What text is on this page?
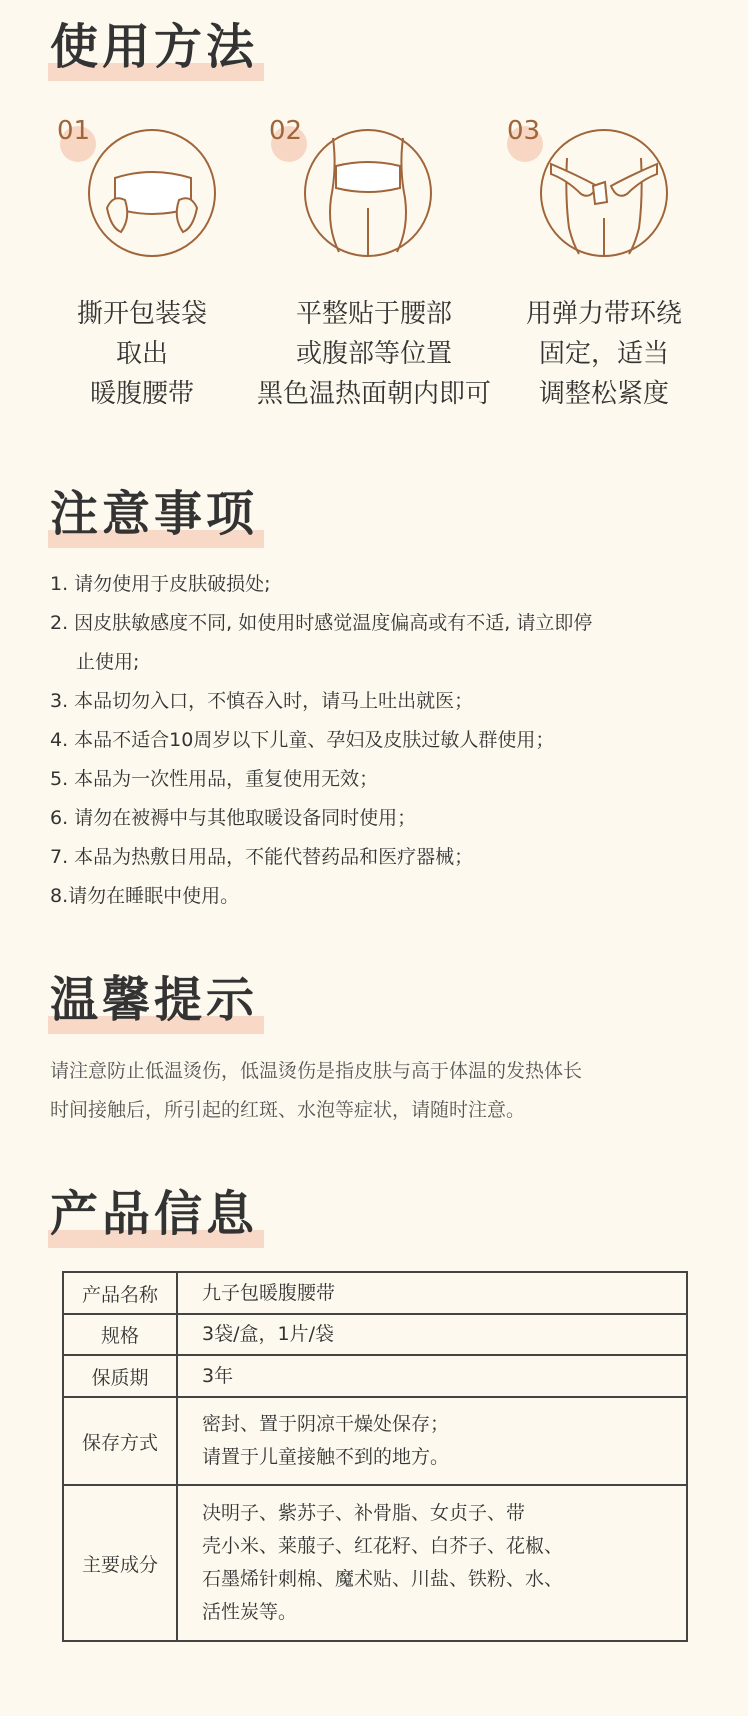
使用方法
01
撕开包装袋
取出
暖腹腰带
02
平整贴于腰部
或腹部等位置
黑色温热面朝内即可
03
用弹力带环绕
固定，适当
调整松紧度
注意事项
1. 请勿使用于皮肤破损处;
2. 因皮肤敏感度不同, 如使用时感觉温度偏高或有不适, 请立即停
止使用;
3. 本品切勿入口，不慎吞入时，请马上吐出就医；
4. 本品不适合10周岁以下儿童、孕妇及皮肤过敏人群使用；
5. 本品为一次性用品，重复使用无效；
6. 请勿在被褥中与其他取暖设备同时使用；
7. 本品为热敷日用品，不能代替药品和医疗器械；
8.请勿在睡眠中使用。
温馨提示
请注意防止低温烫伤，低温烫伤是指皮肤与高于体温的发热体长
时间接触后，所引起的红斑、水泡等症状，请随时注意。
产品信息
产品名称	九子包暖腹腰带

规格	3袋/盒，1片/袋

保质期	3年

保存方式	密封、置于阴凉干燥处保存；
请置于儿童接触不到的地方。

主要成分	决明子、紫苏子、补骨脂、女贞子、带
壳小米、莱菔子、红花籽、白芥子、花椒、
石墨烯针刺棉、魔术贴、川盐、铁粉、水、
活性炭等。
